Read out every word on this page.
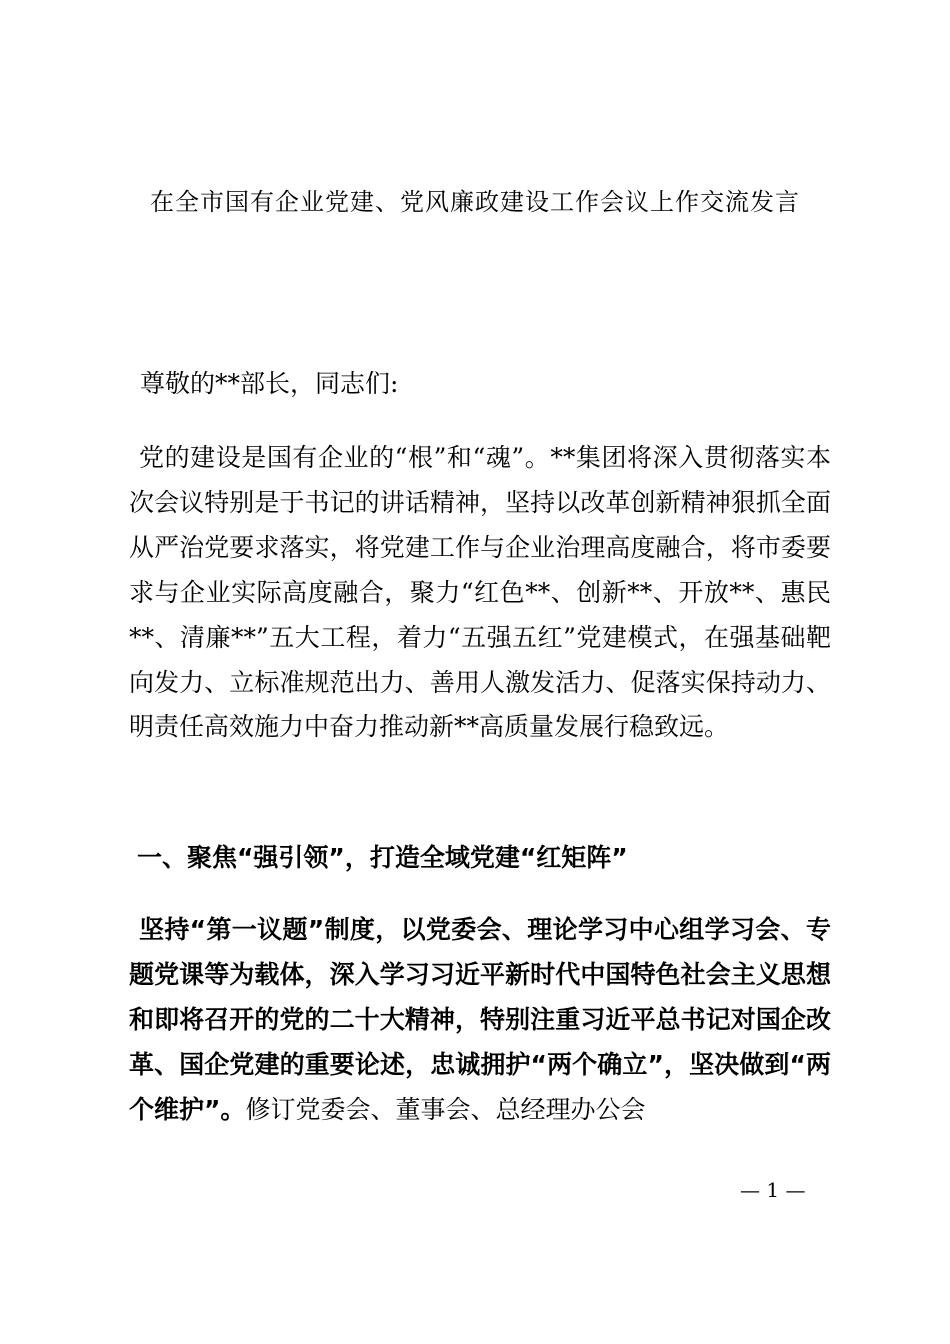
在全市国有企业党建、党风廉政建设工作会议上作交流发言
尊敬的**部长，同志们:

党的建设是国有企业的“根”和“魂”。**集团将深入贯彻落实本次会议特别是于书记的讲话精神，坚持以改革创新精神狠抓全面从严治党要求落实，将党建工作与企业治理高度融合，将市委要求与企业实际高度融合，聚力“红色**、创新**、开放**、惠民**、清廉**”五大工程，着力“五强五红”党建模式，在强基础靶向发力、立标准规范出力、善用人激发活力、促落实保持动力、明责任高效施力中奋力推动新**高质量发展行稳致远。

一、聚焦“强引领”，打造全域党建“红矩阵”

坚持“第一议题”制度，以党委会、理论学习中心组学习会、专题党课等为载体，深入学习习近平新时代中国特色社会主义思想和即将召开的党的二十大精神，特别注重习近平总书记对国企改革、国企党建的重要论述，忠诚拥护“两个确立”，坚决做到“两个维护”。修订党委会、董事会、总经理办公会

— 1 —
